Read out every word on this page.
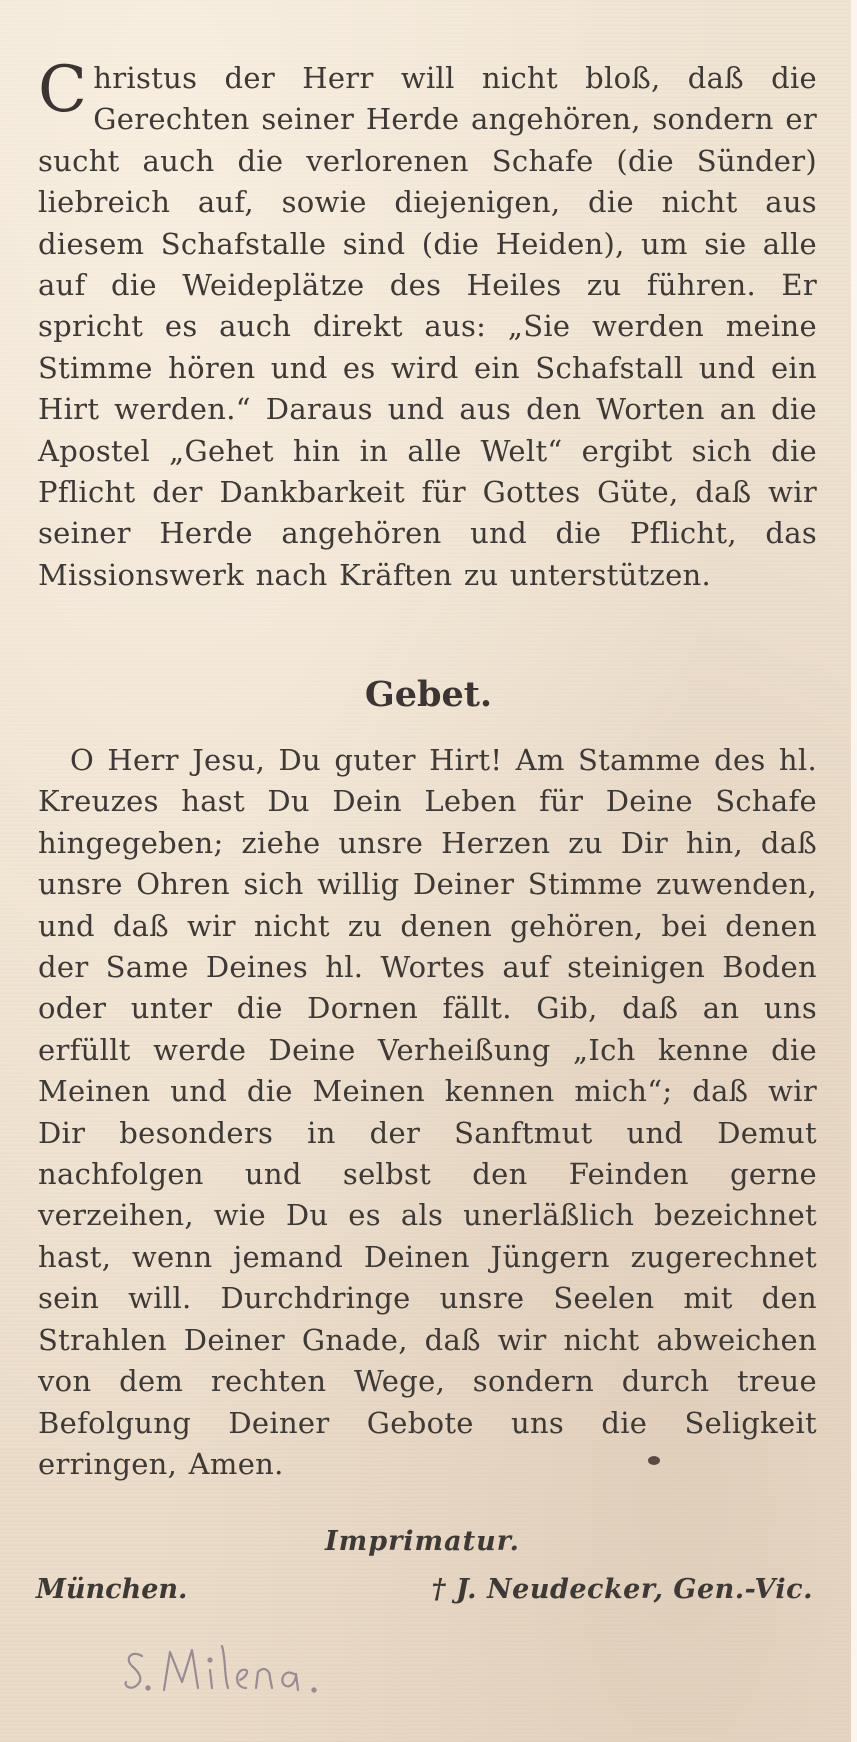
Christus der Herr will nicht bloß, daß die Gerechten seiner Herde angehören, sondern er sucht auch die verlorenen Schafe (die Sünder) liebreich auf, sowie diejenigen, die nicht aus diesem Schafstalle sind (die Heiden), um sie alle auf die Weideplätze des Heiles zu führen. Er spricht es auch direkt aus: „Sie werden meine Stimme hören und es wird ein Schafstall und ein Hirt werden.“ Daraus und aus den Worten an die Apostel „Gehet hin in alle Welt“ ergibt sich die Pflicht der Dankbarkeit für Gottes Güte, daß wir seiner Herde angehören und die Pflicht, das Missionswerk nach Kräften zu unterstützen.

Gebet.

O Herr Jesu, Du guter Hirt! Am Stamme des hl. Kreuzes hast Du Dein Leben für Deine Schafe hingegeben; ziehe unsre Herzen zu Dir hin, daß unsre Ohren sich willig Deiner Stimme zuwenden, und daß wir nicht zu denen gehören, bei denen der Same Deines hl. Wortes auf steinigen Boden oder unter die Dornen fällt. Gib, daß an uns erfüllt werde Deine Verheißung „Ich kenne die Meinen und die Meinen kennen mich“; daß wir Dir besonders in der Sanftmut und Demut nachfolgen und selbst den Feinden gerne verzeihen, wie Du es als unerläßlich bezeichnet hast, wenn jemand Deinen Jüngern zugerechnet sein will. Durchdringe unsre Seelen mit den Strahlen Deiner Gnade, daß wir nicht abweichen von dem rechten Wege, sondern durch treue Befolgung Deiner Gebote uns die Seligkeit erringen, Amen.

Imprimatur.
München.	† J. Neudecker, Gen.-Vic.
